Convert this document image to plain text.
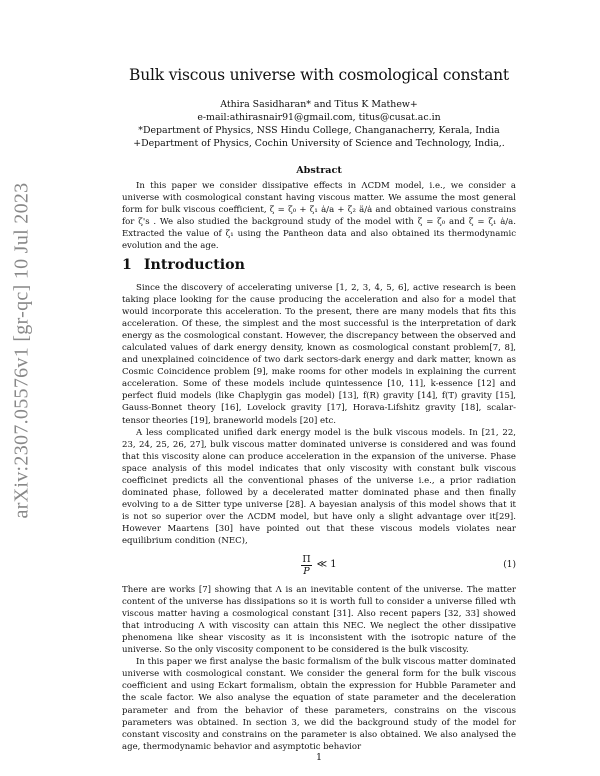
arXiv:2307.05576v1 [gr-qc] 10 Jul 2023
Bulk viscous universe with cosmological constant
Athira Sasidharan* and Titus K Mathew+
e-mail:athirasnair91@gmail.com, titus@cusat.ac.in
*Department of Physics, NSS Hindu College, Changanacherry, Kerala, India
+Department of Physics, Cochin University of Science and Technology, India,.
Abstract
In this paper we consider dissipative effects in ΛCDM model, i.e., we consider a universe with cosmological constant having viscous matter. We assume the most general form for bulk viscous coefficient, ζ = ζ₀ + ζ₁ ȧ/a + ζ₂ ä/ȧ and obtained various constrains for ζ's . We also studied the background study of the model with ζ = ζ₀ and ζ = ζ₁ ȧ/a. Extracted the value of ζ₁ using the Pantheon data and also obtained its thermodynamic evolution and the age.
1 Introduction

Since the discovery of accelerating universe [1, 2, 3, 4, 5, 6], active research is been taking place looking for the cause producing the acceleration and also for a model that would incorporate this acceleration. To the present, there are many models that fits this acceleration. Of these, the simplest and the most successful is the interpretation of dark energy as the cosmological constant. However, the discrepancy between the observed and calculated values of dark energy density, known as cosmological constant problem[7, 8], and unexplained coincidence of two dark sectors-dark energy and dark matter, known as Cosmic Coincidence problem [9], make rooms for other models in explaining the current acceleration. Some of these models include quintessence [10, 11], k-essence [12] and perfect fluid models (like Chaplygin gas model) [13], f(R) gravity [14], f(T) gravity [15], Gauss-Bonnet theory [16], Lovelock gravity [17], Horava-Lifshitz gravity [18], scalar-tensor theories [19], braneworld models [20] etc.

A less complicated unified dark energy model is the bulk viscous models. In [21, 22, 23, 24, 25, 26, 27], bulk viscous matter dominated universe is considered and was found that this viscosity alone can produce acceleration in the expansion of the universe. Phase space analysis of this model indicates that only viscosity with constant bulk viscous coefficinet predicts all the conventional phases of the universe i.e., a prior radiation dominated phase, followed by a decelerated matter dominated phase and then finally evolving to a de Sitter type universe [28]. A bayesian analysis of this model shows that it is not so superior over the ΛCDM model, but have only a slight advantage over it[29]. However Maartens [30] have pointed out that these viscous models violates near equilibrium condition (NEC),

$\frac{\Pi}{P}$ ≪ 1	(1)

There are works [7] showing that Λ is an inevitable content of the universe. The matter content of the universe has dissipations so it is worth full to consider a universe filled wth viscous matter having a cosmological constant [31]. Also recent papers [32, 33] showed that introducing Λ with viscosity can attain this NEC. We neglect the other dissipative phenomena like shear viscosity as it is inconsistent with the isotropic nature of the universe. So the only viscosity component to be considered is the bulk viscosity.

In this paper we first analyse the basic formalism of the bulk viscous matter dominated universe with cosmological constant. We consider the general form for the bulk viscous coefficient and using Eckart formalism, obtain the expression for Hubble Parameter and the scale factor. We also analyse the equation of state parameter and the deceleration parameter and from the behavior of these parameters, constrains on the viscous parameters was obtained. In section 3, we did the background study of the model for constant viscosity and constrains on the parameter is also obtained. We also analysed the age, thermodynamic behavior and asymptotic behavior

1
